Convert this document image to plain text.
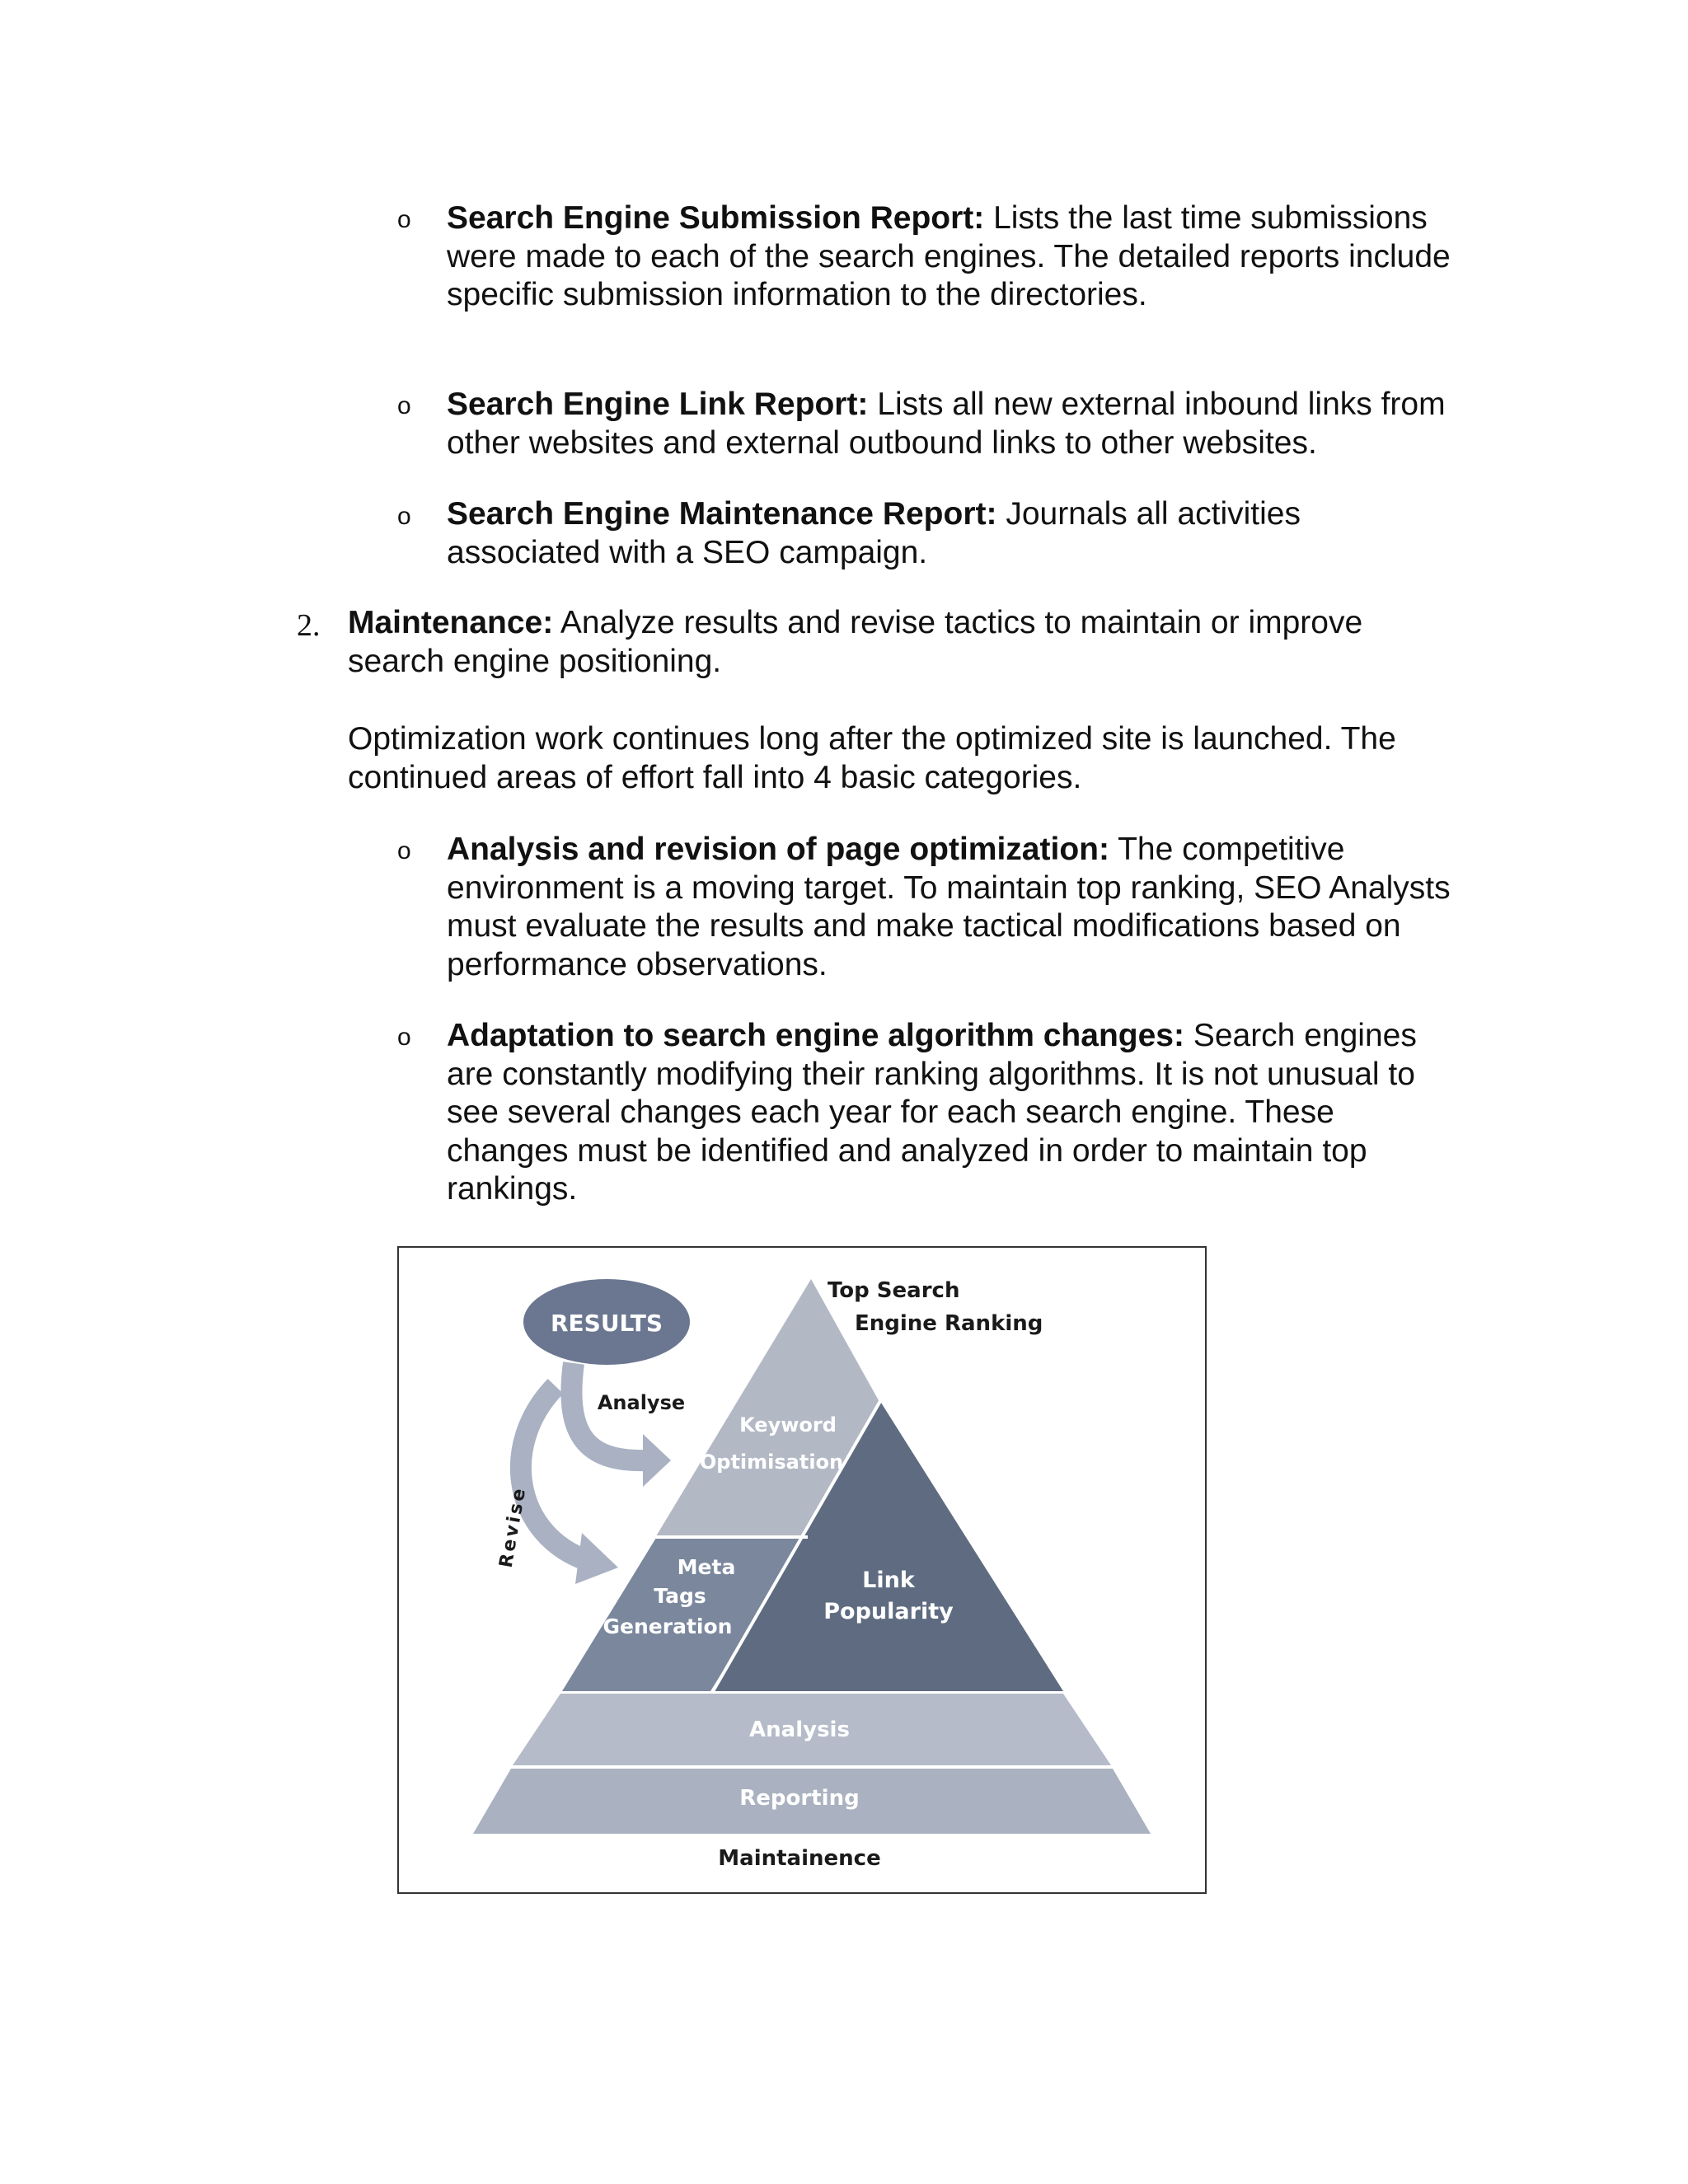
o Search Engine Submission Report: Lists the last time submissions were made to each of the search engines. The detailed reports include specific submission information to the directories.

o Search Engine Link Report: Lists all new external inbound links from other websites and external outbound links to other websites.

o Search Engine Maintenance Report: Journals all activities associated with a SEO campaign.

2. Maintenance: Analyze results and revise tactics to maintain or improve search engine positioning.

Optimization work continues long after the optimized site is launched. The continued areas of effort fall into 4 basic categories.

o Analysis and revision of page optimization: The competitive environment is a moving target. To maintain top ranking, SEO Analysts must evaluate the results and make tactical modifications based on performance observations.

o Adaptation to search engine algorithm changes: Search engines are constantly modifying their ranking algorithms. It is not unusual to see several changes each year for each search engine. These changes must be identified and analyzed in order to maintain top rankings.

RESULTS
Analyse
Revise
Top Search
Engine Ranking
Keyword
Optimisation
Meta
Tags
Generation
Link
Popularity
Analysis
Reporting
Maintainence
